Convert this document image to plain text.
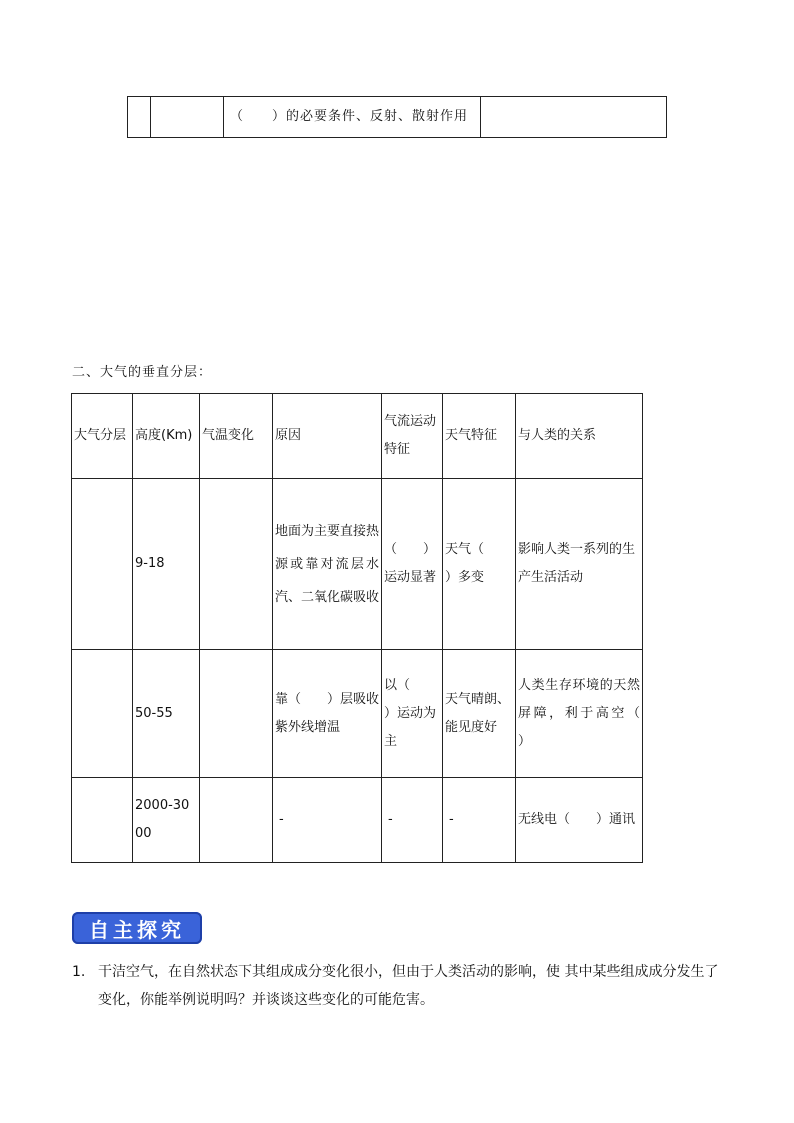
		（　　）的必要条件、反射、散射作用	
二、大气的垂直分层：
大气分层	高度(Km)	气温变化	原因	气流运动特征	天气特征	与人类的关系
	9-18		地面为主要直接热源或靠对流层水汽、二氧化碳吸收	（　　）运动显著	天气（　　）多变	影响人类一系列的生产生活活动
	50-55		靠（　　）层吸收紫外线增温	以（　　）运动为主	天气晴朗、能见度好	人类生存环境的天然屏障，利于高空（　　）
	2000-3000		-	-	-	无线电（　　）通讯
自主探究
1. 干洁空气，在自然状态下其组成成分变化很小，但由于人类活动的影响，使 其中某些组成成分发生了变化，你能举例说明吗？并谈谈这些变化的可能危害。
